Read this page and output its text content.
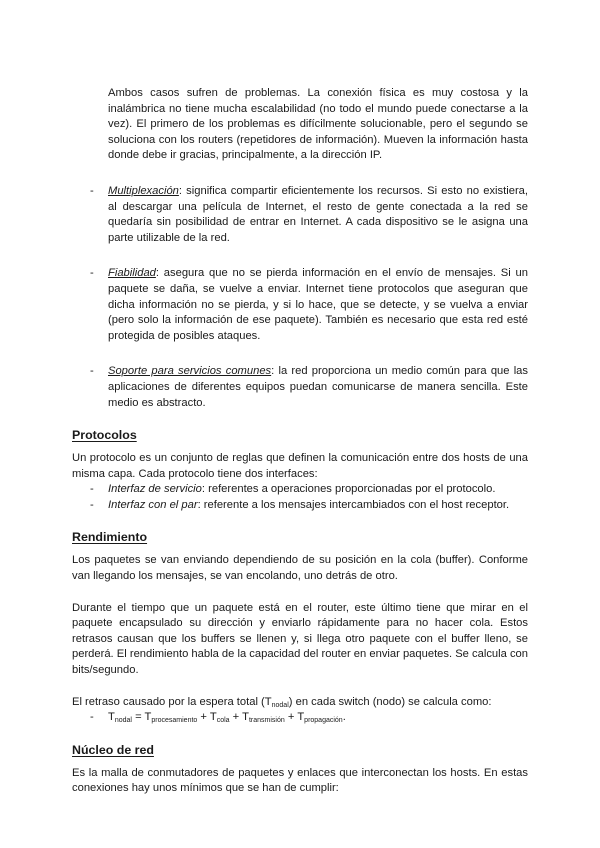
Ambos casos sufren de problemas. La conexión física es muy costosa y la inalámbrica no tiene mucha escalabilidad (no todo el mundo puede conectarse a la vez). El primero de los problemas es difícilmente solucionable, pero el segundo se soluciona con los routers (repetidores de información). Mueven la información hasta donde debe ir gracias, principalmente, a la dirección IP.

- Multiplexación: significa compartir eficientemente los recursos. Si esto no existiera, al descargar una película de Internet, el resto de gente conectada a la red se quedaría sin posibilidad de entrar en Internet. A cada dispositivo se le asigna una parte utilizable de la red.
- Fiabilidad: asegura que no se pierda información en el envío de mensajes. Si un paquete se daña, se vuelve a enviar. Internet tiene protocolos que aseguran que dicha información no se pierda, y si lo hace, que se detecte, y se vuelva a enviar (pero solo la información de ese paquete). También es necesario que esta red esté protegida de posibles ataques.
- Soporte para servicios comunes: la red proporciona un medio común para que las aplicaciones de diferentes equipos puedan comunicarse de manera sencilla. Este medio es abstracto.
Protocolos

Un protocolo es un conjunto de reglas que definen la comunicación entre dos hosts de una misma capa. Cada protocolo tiene dos interfaces:

- Interfaz de servicio: referentes a operaciones proporcionadas por el protocolo.
- Interfaz con el par: referente a los mensajes intercambiados con el host receptor.
Rendimiento

Los paquetes se van enviando dependiendo de su posición en la cola (buffer). Conforme van llegando los mensajes, se van encolando, uno detrás de otro.

Durante el tiempo que un paquete está en el router, este último tiene que mirar en el paquete encapsulado su dirección y enviarlo rápidamente para no hacer cola. Estos retrasos causan que los buffers se llenen y, si llega otro paquete con el buffer lleno, se perderá. El rendimiento habla de la capacidad del router en enviar paquetes. Se calcula con bits/segundo.

El retraso causado por la espera total $(T_{nodal})$ en cada switch (nodo) se calcula como:

- $T_{nodal} = T_{procesamiento} + T_{cola} + T_{transmisión} + T_{propagación}$.
Núcleo de red

Es la malla de conmutadores de paquetes y enlaces que interconectan los hosts. En estas conexiones hay unos mínimos que se han de cumplir:
